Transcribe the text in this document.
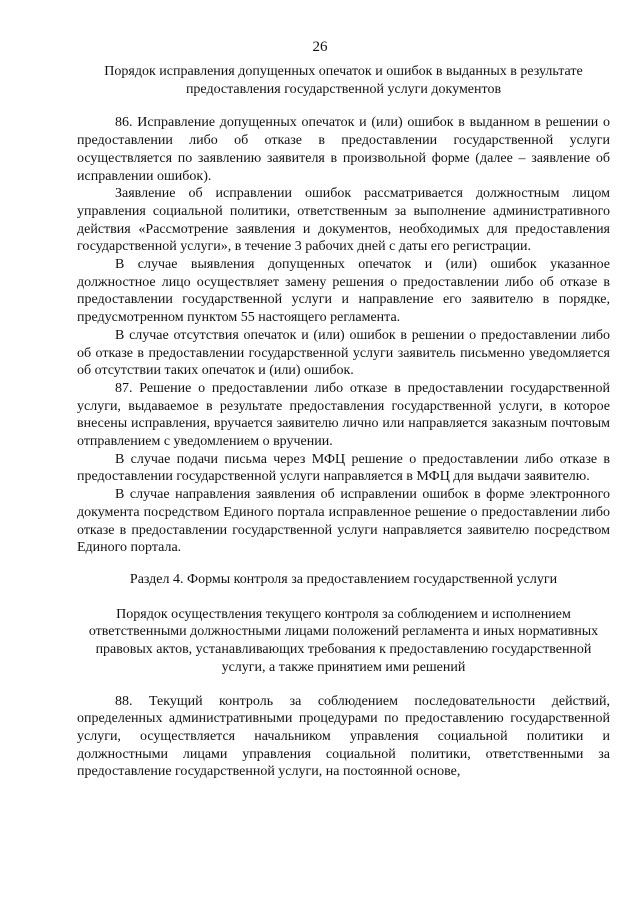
26

Порядок исправления допущенных опечаток и ошибок в выданных в результате предоставления государственной услуги документов

86. Исправление допущенных опечаток и (или) ошибок в выданном в решении о предоставлении либо об отказе в предоставлении государственной услуги осуществляется по заявлению заявителя в произвольной форме (далее – заявление об исправлении ошибок).

Заявление об исправлении ошибок рассматривается должностным лицом управления социальной политики, ответственным за выполнение административного действия «Рассмотрение заявления и документов, необходимых для предоставления государственной услуги», в течение 3 рабочих дней с даты его регистрации.

В случае выявления допущенных опечаток и (или) ошибок указанное должностное лицо осуществляет замену решения о предоставлении либо об отказе в предоставлении государственной услуги и направление его заявителю в порядке, предусмотренном пунктом 55 настоящего регламента.

В случае отсутствия опечаток и (или) ошибок в решении о предоставлении либо об отказе в предоставлении государственной услуги заявитель письменно уведомляется об отсутствии таких опечаток и (или) ошибок.

87. Решение о предоставлении либо отказе в предоставлении государственной услуги, выдаваемое в результате предоставления государственной услуги, в которое внесены исправления, вручается заявителю лично или направляется заказным почтовым отправлением с уведомлением о вручении.

В случае подачи письма через МФЦ решение о предоставлении либо отказе в предоставлении государственной услуги направляется в МФЦ для выдачи заявителю.

В случае направления заявления об исправлении ошибок в форме электронного документа посредством Единого портала исправленное решение о предоставлении либо отказе в предоставлении государственной услуги направляется заявителю посредством Единого портала.

Раздел 4. Формы контроля за предоставлением государственной услуги

Порядок осуществления текущего контроля за соблюдением и исполнением ответственными должностными лицами положений регламента и иных нормативных правовых актов, устанавливающих требования к предоставлению государственной услуги, а также принятием ими решений

88. Текущий контроль за соблюдением последовательности действий, определенных административными процедурами по предоставлению государственной услуги, осуществляется начальником управления социальной политики и должностными лицами управления социальной политики, ответственными за предоставление государственной услуги, на постоянной основе,
